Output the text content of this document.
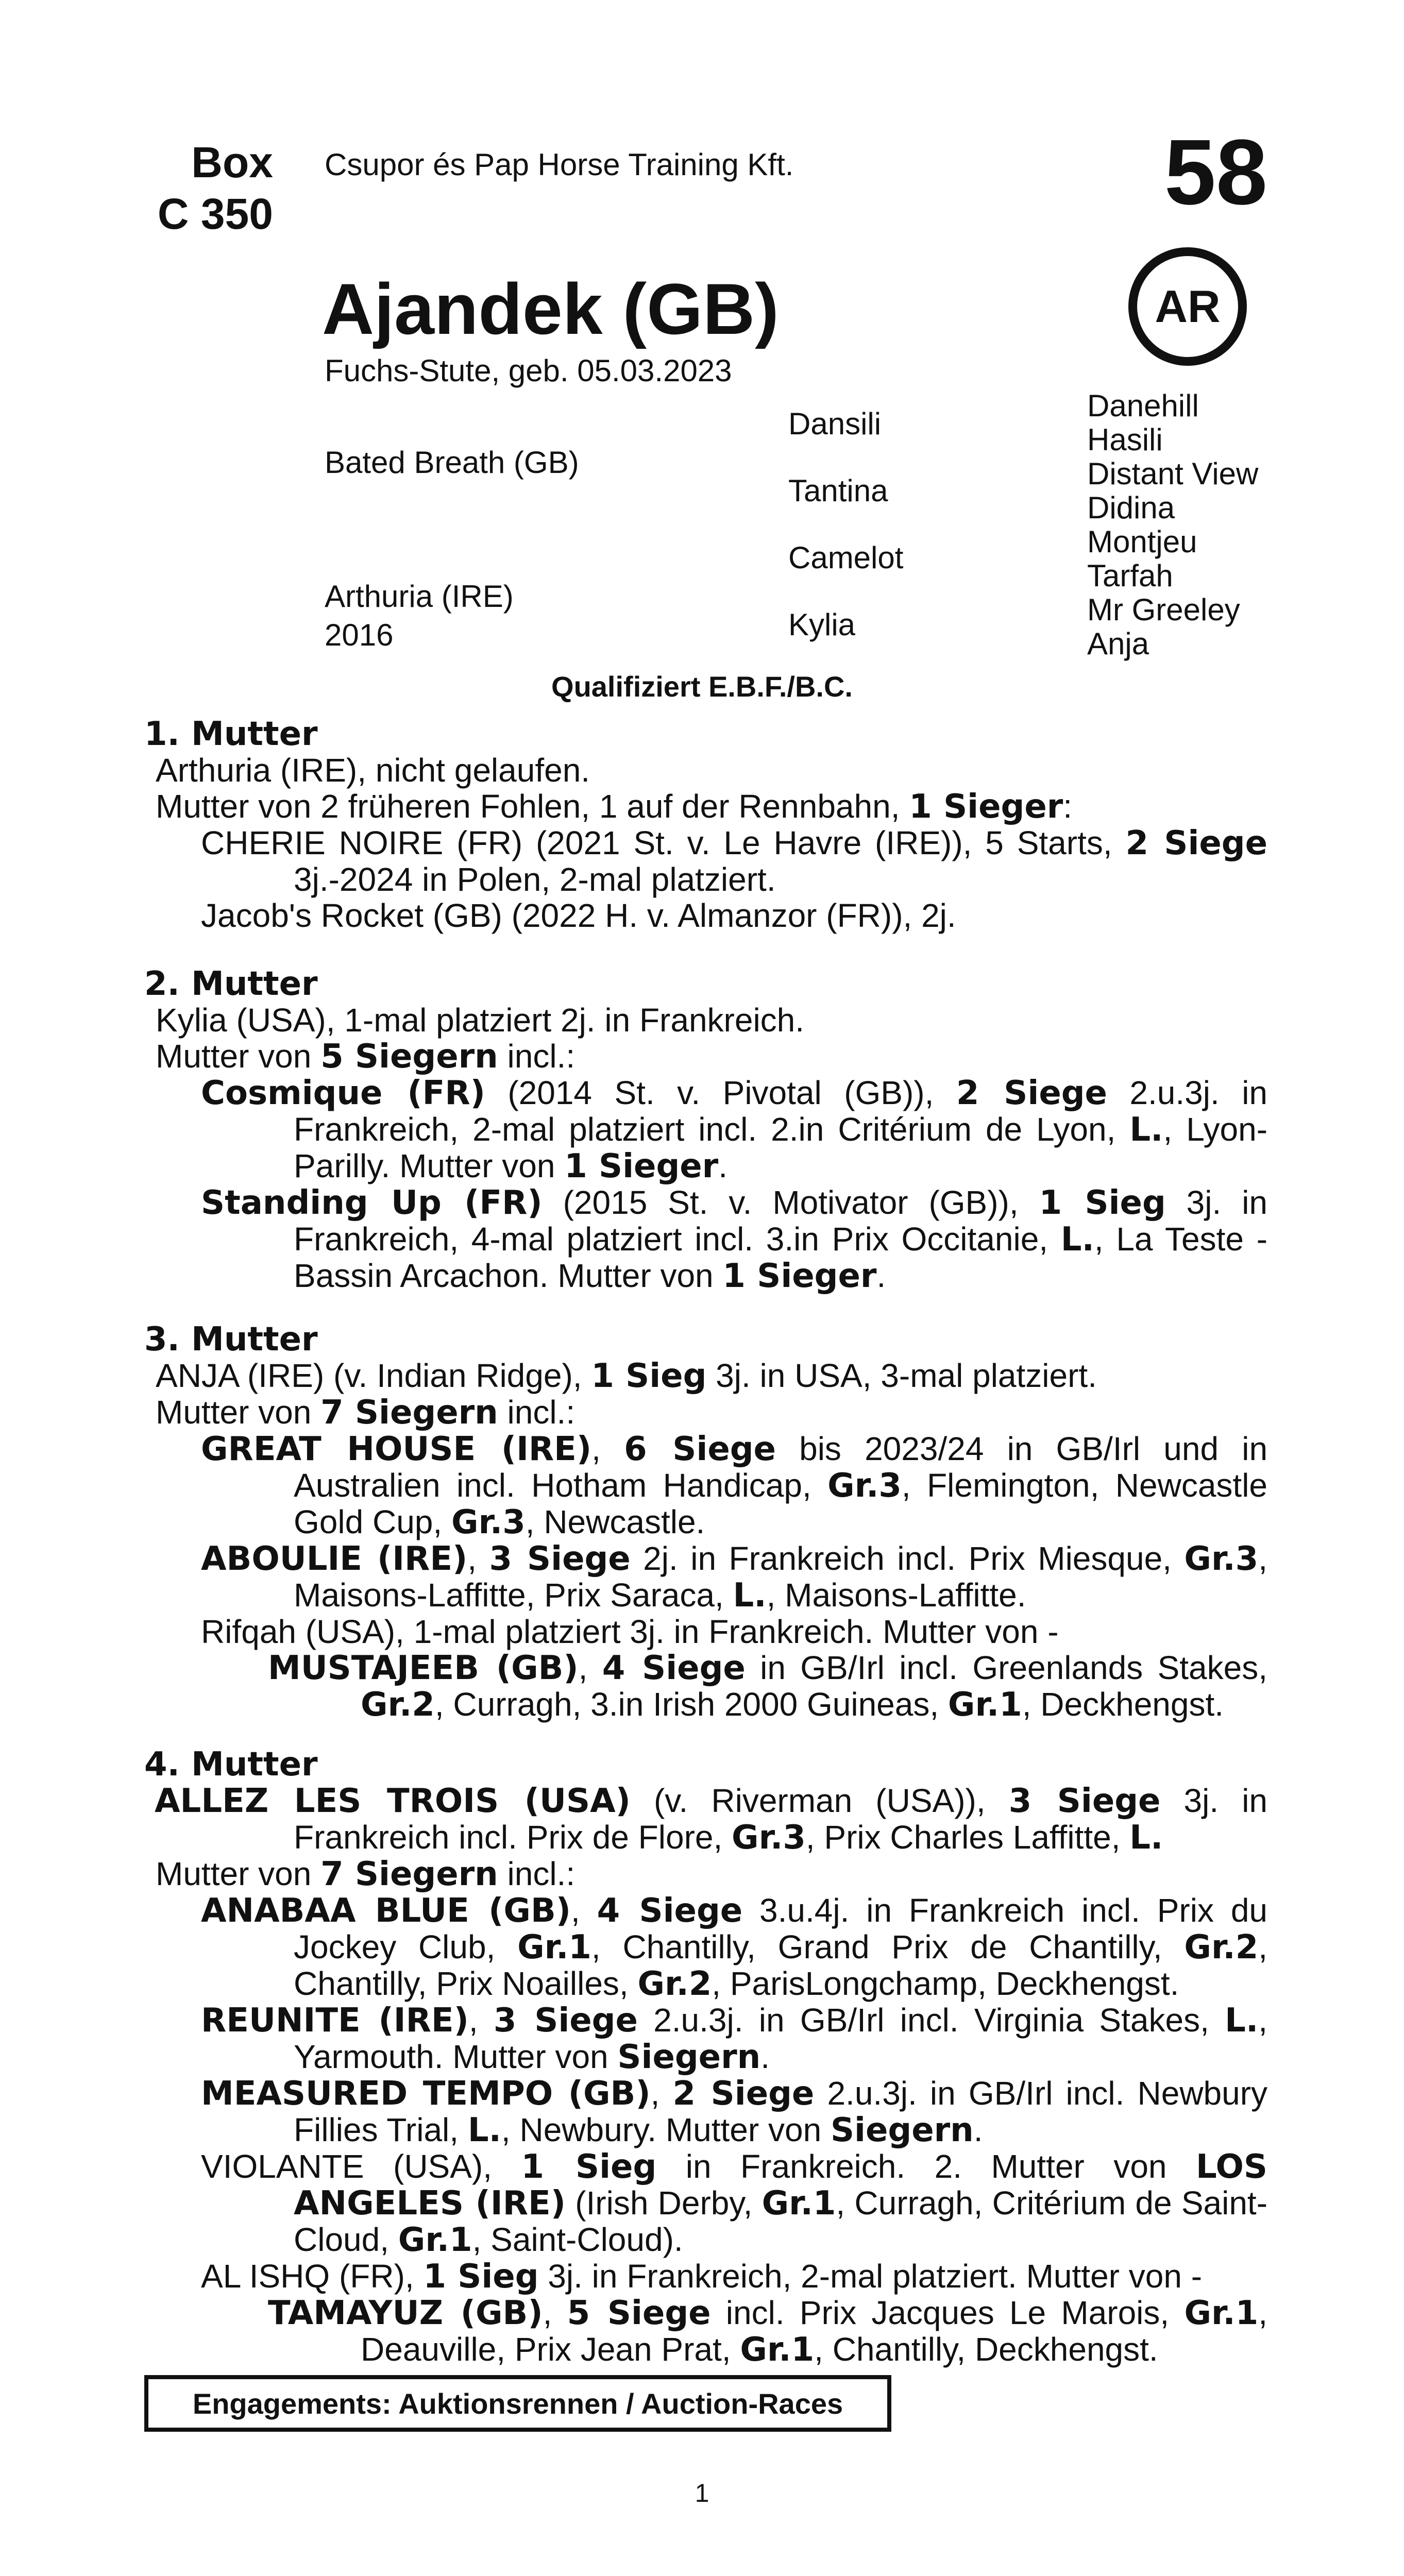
Box
C 350
Csupor és Pap Horse Training Kft.	58
Ajandek (GB)	AR
Fuchs-Stute, geb. 05.03.2023
Bated Breath (GB)
Arthuria (IRE)
2016
Dansili
Tantina
Camelot
Kylia
Danehill
Hasili
Distant View
Didina
Montjeu
Tarfah
Mr Greeley
Anja
Qualifiziert E.B.F./B.C.
1. Mutter

Arthuria (IRE), nicht gelaufen.

Mutter von 2 früheren Fohlen, 1 auf der Rennbahn, 1 Sieger:

CHERIE NOIRE (FR) (2021 St. v. Le Havre (IRE)), 5 Starts, 2 Siege 3j.-2024 in Polen, 2-mal platziert.

Jacob's Rocket (GB) (2022 H. v. Almanzor (FR)), 2j.

2. Mutter

Kylia (USA), 1-mal platziert 2j. in Frankreich.

Mutter von 5 Siegern incl.:

Cosmique (FR) (2014 St. v. Pivotal (GB)), 2 Siege 2.u.3j. in Frankreich, 2-mal platziert incl. 2.in Critérium de Lyon, L., Lyon-Parilly. Mutter von 1 Sieger.

Standing Up (FR) (2015 St. v. Motivator (GB)), 1 Sieg 3j. in Frankreich, 4-mal platziert incl. 3.in Prix Occitanie, L., La Teste - Bassin Arcachon. Mutter von 1 Sieger.

3. Mutter

ANJA (IRE) (v. Indian Ridge), 1 Sieg 3j. in USA, 3-mal platziert.

Mutter von 7 Siegern incl.:

GREAT HOUSE (IRE), 6 Siege bis 2023/24 in GB/Irl und in Australien incl. Hotham Handicap, Gr.3, Flemington, Newcastle Gold Cup, Gr.3, Newcastle.

ABOULIE (IRE), 3 Siege 2j. in Frankreich incl. Prix Miesque, Gr.3, Maisons-Laffitte, Prix Saraca, L., Maisons-Laffitte.

Rifqah (USA), 1-mal platziert 3j. in Frankreich. Mutter von -

MUSTAJEEB (GB), 4 Siege in GB/Irl incl. Greenlands Stakes, Gr.2, Curragh, 3.in Irish 2000 Guineas, Gr.1, Deckhengst.

4. Mutter

ALLEZ LES TROIS (USA) (v. Riverman (USA)), 3 Siege 3j. in Frankreich incl. Prix de Flore, Gr.3, Prix Charles Laffitte, L.

Mutter von 7 Siegern incl.:

ANABAA BLUE (GB), 4 Siege 3.u.4j. in Frankreich incl. Prix du Jockey Club, Gr.1, Chantilly, Grand Prix de Chantilly, Gr.2, Chantilly, Prix Noailles, Gr.2, ParisLongchamp, Deckhengst.

REUNITE (IRE), 3 Siege 2.u.3j. in GB/Irl incl. Virginia Stakes, L., Yarmouth. Mutter von Siegern.

MEASURED TEMPO (GB), 2 Siege 2.u.3j. in GB/Irl incl. Newbury Fillies Trial, L., Newbury. Mutter von Siegern.

VIOLANTE (USA), 1 Sieg in Frankreich. 2. Mutter von LOS ANGELES (IRE) (Irish Derby, Gr.1, Curragh, Critérium de Saint-Cloud, Gr.1, Saint-Cloud).

AL ISHQ (FR), 1 Sieg 3j. in Frankreich, 2-mal platziert. Mutter von -

TAMAYUZ (GB), 5 Siege incl. Prix Jacques Le Marois, Gr.1, Deauville, Prix Jean Prat, Gr.1, Chantilly, Deckhengst.

Engagements: Auktionsrennen / Auction-Races
1
